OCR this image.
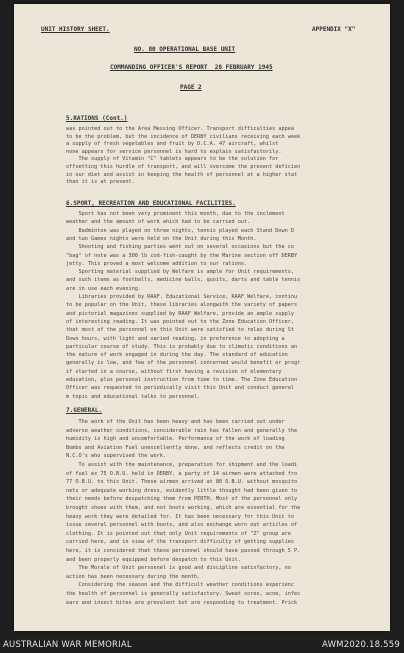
UNIT HISTORY SHEET.	APPENDIX "X"
NO. 80 OPERATIONAL BASE UNIT
COMMANDING OFFICER'S REPORT  28 FEBRUARY 1945
PAGE 2
5.RATIONS (Cont.)
was pointed out to the Area Messing Officer. Transport difficulties appea
to be the problem, but the incidence of DERBY civilians receiving each week
a supply of fresh vegetables and fruit by D.C.A. 47 aircraft, whilst
none appears for service personnel is hard to explain satisfactorily.
The supply of Vitamin "C" tablets appears to be the solution for
offsetting this hurdle of transport, and will overcome the present deficien
in our diet and assist in keeping the health of personnel at a higher stat
than it is at present.
6.SPORT, RECREATION AND EDUCATIONAL FACILITIES.
Sport has not been very prominent this month, due to the inclement
weather and the amount of work which had to be carried out.
Badminton was played on three nights, tennis played each Stand Down D
and two Games nights were held on the Unit during this Month.
Shooting and fishing parties went out on several occasions but the co
"bag" of note was a 300 lb cod-fish-caught by the Marine section off DERBY
jetty. This proved a most welcome addition to our rations.
Sporting material supplied by Welfare is ample for Unit requirements,
and such items as footballs, medicine balls, quoits, darts and table tennis
are in use each evening.
Libraries provided by RAAF. Educational Service, RAAF Welfare, continu
to be popular on the Unit, these libraries alongwith the variety of papers
and pictorial magazines supplied by RAAF Welfare, provide an ample supply
of interesting reading. It was pointed out to the Zone Education Officer,
that most of the personnel on this Unit were satisfied to relax during St
Down hours, with light and varied reading, in preference to adopting a
particular course of study. This is probably due to climatic conditions an
the nature of work engaged in during the day. The standard of education
generally is low, and few of the personnel concerned would benefit or progr
if started in a course, without first having a revision of elementary
education, plus personal instruction from time to time. The Zone Education
Officer was requested to periodically visit this Unit and conduct general
m topic and educational talks to personnel.
7.GENERAL.
The work of the Unit has been heavy and has been carried out under
adverse weather conditions, considerable rain has fallen and generally the
humidity is high and uncomfortable. Performance of the work of loading
Bombs and Aviation Fuel unexcellently done, and reflects credit on the
N.C.O's who supervised the work.
To assist with the maintenance, preparation for shipment and the loadi
of fuel ex 75 O.B.U. held in DERBY, a party of 14 airmen were attached fro
77 O.B.U. to this Unit. These airmen arrived at 80 O.B.U. without mosquito
nets or adequate working dress, evidently little thought had been given to
their needs before despatching them from PERTH. Most of the personnel only
brought shoes with them, and not boots working, which are essential for the
heavy work they were detailed for. It has been necessary for this Unit to
issue several personnel with boots, and also exchange worn out articles of
clothing. It is pointed out that only Unit requirements of "Z" group are
carried here, and in view of the transport difficulty of getting supplies
here, it is considered that these personnel should have passed through 5 P.
and been properly equipped before despatch to this Unit.
The Morale of Unit personnel is good and discipline satisfactory, no
action has been necessary during the month.
Considering the season and the difficult weather conditions experienc
the health of personnel is generally satisfactory. Sweat sores, acne, infec
ears and insect bites are prevalent but are responding to treatment. Prick
AUSTRALIAN WAR MEMORIAL	AWM2020.18.559
